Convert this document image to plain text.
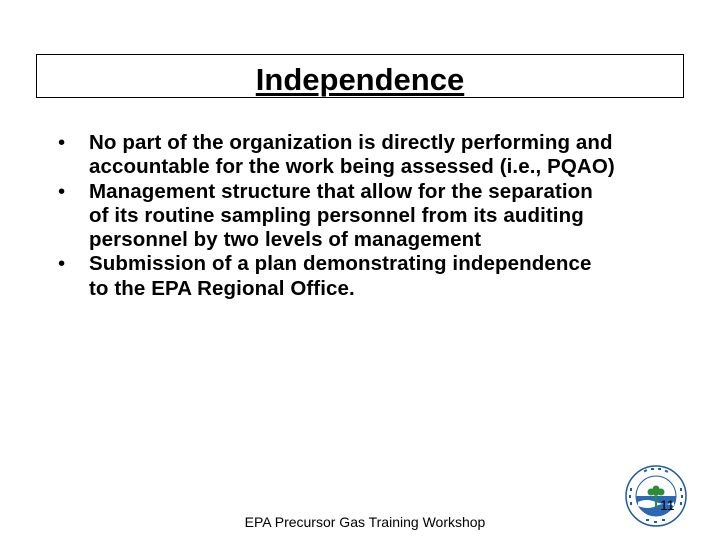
Independence
• No part of the organization is directly performing and accountable for the work being assessed (i.e., PQAO)
• Management structure that allow for the separation of its routine sampling personnel from its auditing personnel by two levels of management
• Submission of a plan demonstrating independence to the EPA Regional Office.
11
EPA Precursor Gas Training Workshop
